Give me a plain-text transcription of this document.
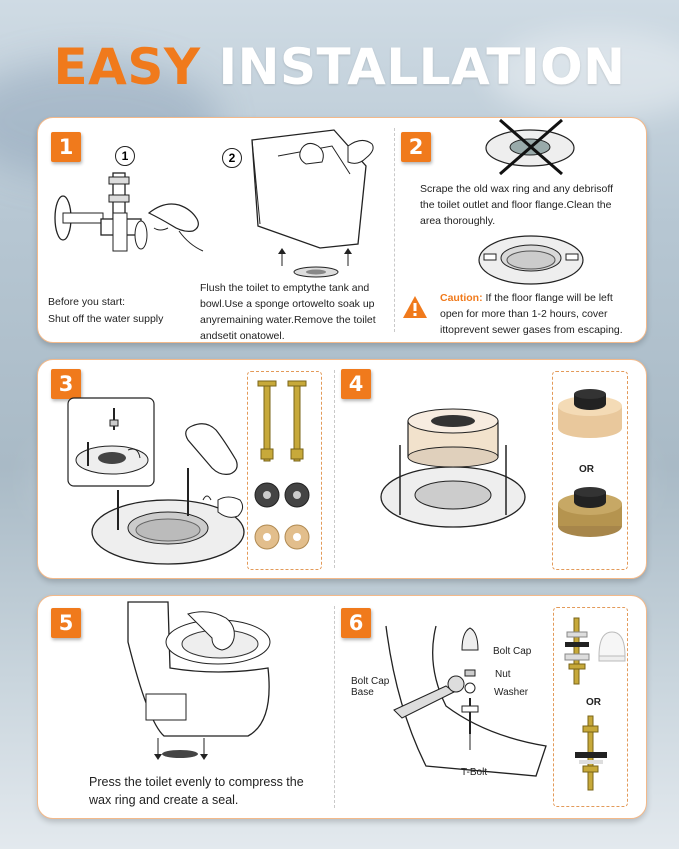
EASY INSTALLATION
1	1
Before you start:
Shut off the water supply
2
Flush the toilet to emptythe tank and bowl.Use a sponge ortowelto soak up anyremaining water.Remove the toilet andsetit onatowel.
2
Scrape the old wax ring and any debrisoff the toilet outlet and floor flange.Clean the area thoroughly.
Caution: If the floor flange will be left open for more than 1-2 hours, cover ittoprevent sewer gases from escaping.
3	4
OR
5
Press the toilet evenly to compress the wax ring and create a seal.
6
Bolt Cap
Nut
Washer
Bolt Cap Base
T-Bolt
OR
